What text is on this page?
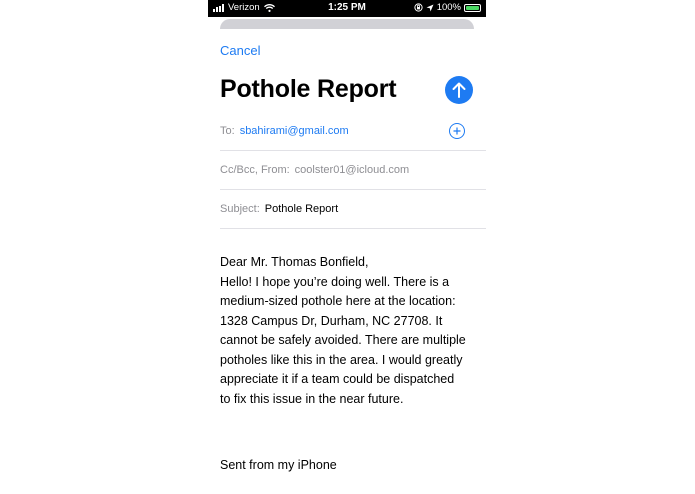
Verizon	1:25 PM	100%
Cancel
Pothole Report
To: sbahirami@gmail.com
Cc/Bcc, From: coolster01@icloud.com
Subject: Pothole Report

Dear Mr. Thomas Bonfield,

Hello! I hope you’re doing well. There is a

medium-sized pothole here at the location:

1328 Campus Dr, Durham, NC 27708. It

cannot be safely avoided. There are multiple

potholes like this in the area. I would greatly

appreciate it if a team could be dispatched

to fix this issue in the near future.

Sent from my iPhone
